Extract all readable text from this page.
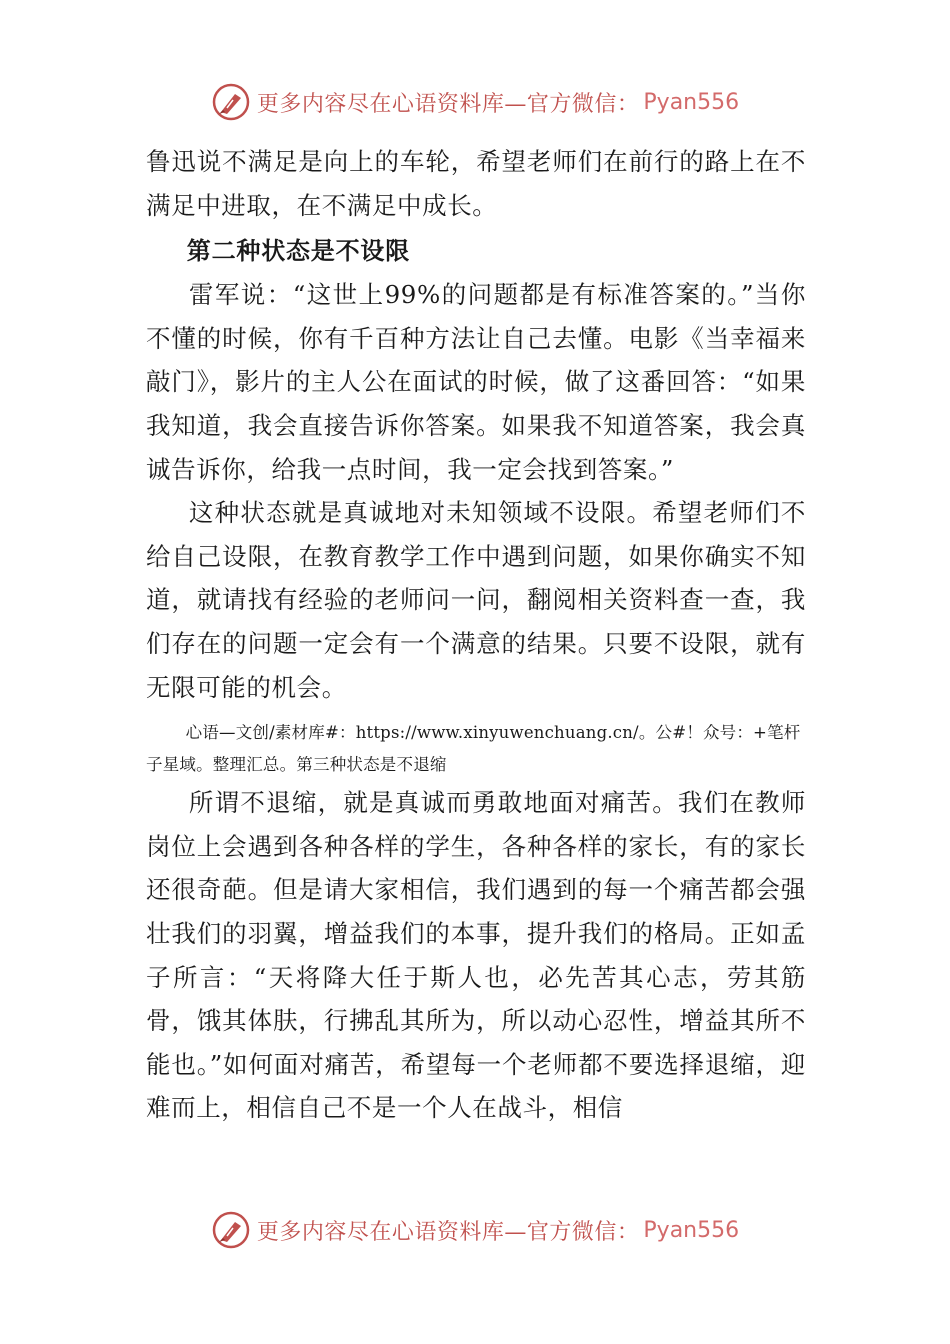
更多内容尽在心语资料库—官方微信： Pyan556

鲁迅说不满足是向上的车轮，希望老师们在前行的路上在不满足中进取，在不满足中成长。

第二种状态是不设限

雷军说：“这世上99%的问题都是有标准答案的。”当你不懂的时候，你有千百种方法让自己去懂。电影《当幸福来敲门》，影片的主人公在面试的时候，做了这番回答：“如果我知道，我会直接告诉你答案。如果我不知道答案，我会真诚告诉你，给我一点时间，我一定会找到答案。”

这种状态就是真诚地对未知领域不设限。希望老师们不给自己设限，在教育教学工作中遇到问题，如果你确实不知道，就请找有经验的老师问一问，翻阅相关资料查一查，我们存在的问题一定会有一个满意的结果。只要不设限，就有无限可能的机会。

心语—文创/素材库#：https://www.xinyuwenchuang.cn/。公#！众号：+笔杆子星域。整理汇总。第三种状态是不退缩

所谓不退缩，就是真诚而勇敢地面对痛苦。我们在教师岗位上会遇到各种各样的学生，各种各样的家长，有的家长还很奇葩。但是请大家相信，我们遇到的每一个痛苦都会强壮我们的羽翼，增益我们的本事，提升我们的格局。正如孟子所言：“天将降大任于斯人也，必先苦其心志，劳其筋骨，饿其体肤，行拂乱其所为，所以动心忍性，增益其所不能也。”如何面对痛苦，希望每一个老师都不要选择退缩，迎难而上，相信自己不是一个人在战斗，相信

更多内容尽在心语资料库—官方微信： Pyan556
